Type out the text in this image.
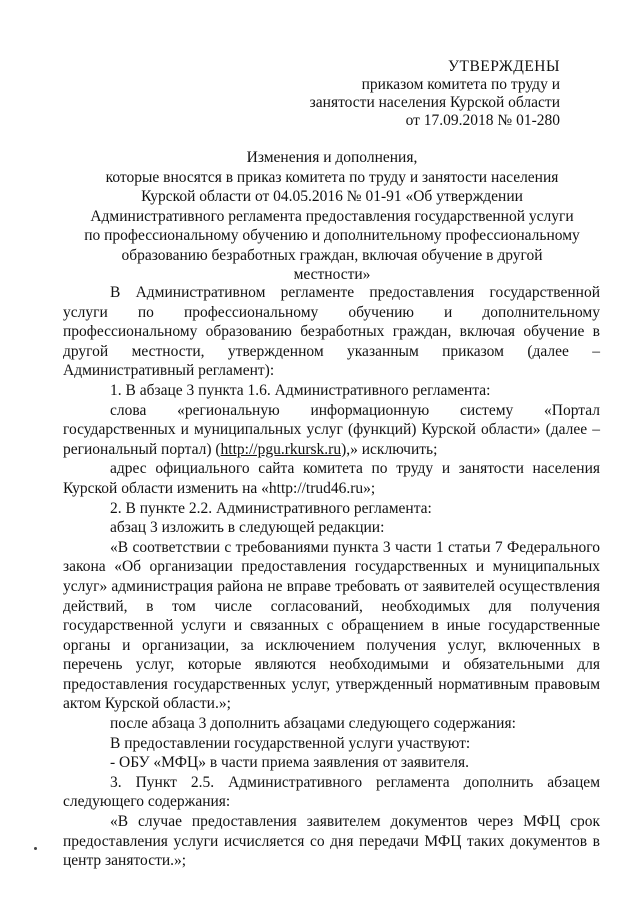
УТВЕРЖДЕНЫ
приказом комитета по труду и
занятости населения Курской области
от 17.09.2018 № 01-280
Изменения и дополнения,
которые вносятся в приказ комитета по труду и занятости населения
Курской области от 04.05.2016 № 01-91 «Об утверждении
Административного регламента предоставления государственной услуги
по профессиональному обучению и дополнительному профессиональному
образованию безработных граждан, включая обучение в другой
местности»

В Административном регламенте предоставления государственной услуги по профессиональному обучению и дополнительному профессиональному образованию безработных граждан, включая обучение в другой местности, утвержденном указанным приказом (далее – Административный регламент):

1. В абзаце 3 пункта 1.6. Административного регламента:

слова «региональную информационную систему «Портал государственных и муниципальных услуг (функций) Курской области» (далее – региональный портал) (http://pgu.rkursk.ru),» исключить;

адрес официального сайта комитета по труду и занятости населения Курской области изменить на «http://trud46.ru»;

2. В пункте 2.2. Административного регламента:

абзац 3 изложить в следующей редакции:

«В соответствии с требованиями пункта 3 части 1 статьи 7 Федерального закона «Об организации предоставления государственных и муниципальных услуг» администрация района не вправе требовать от заявителей осуществления действий, в том числе согласований, необходимых для получения государственной услуги и связанных с обращением в иные государственные органы и организации, за исключением получения услуг, включенных в перечень услуг, которые являются необходимыми и обязательными для предоставления государственных услуг, утвержденный нормативным правовым актом Курской области.»;

после абзаца 3 дополнить абзацами следующего содержания:

В предоставлении государственной услуги участвуют:

- ОБУ «МФЦ» в части приема заявления от заявителя.

3. Пункт 2.5. Административного регламента дополнить абзацем следующего содержания:

«В случае предоставления заявителем документов через МФЦ срок предоставления услуги исчисляется со дня передачи МФЦ таких документов в центр занятости.»;
